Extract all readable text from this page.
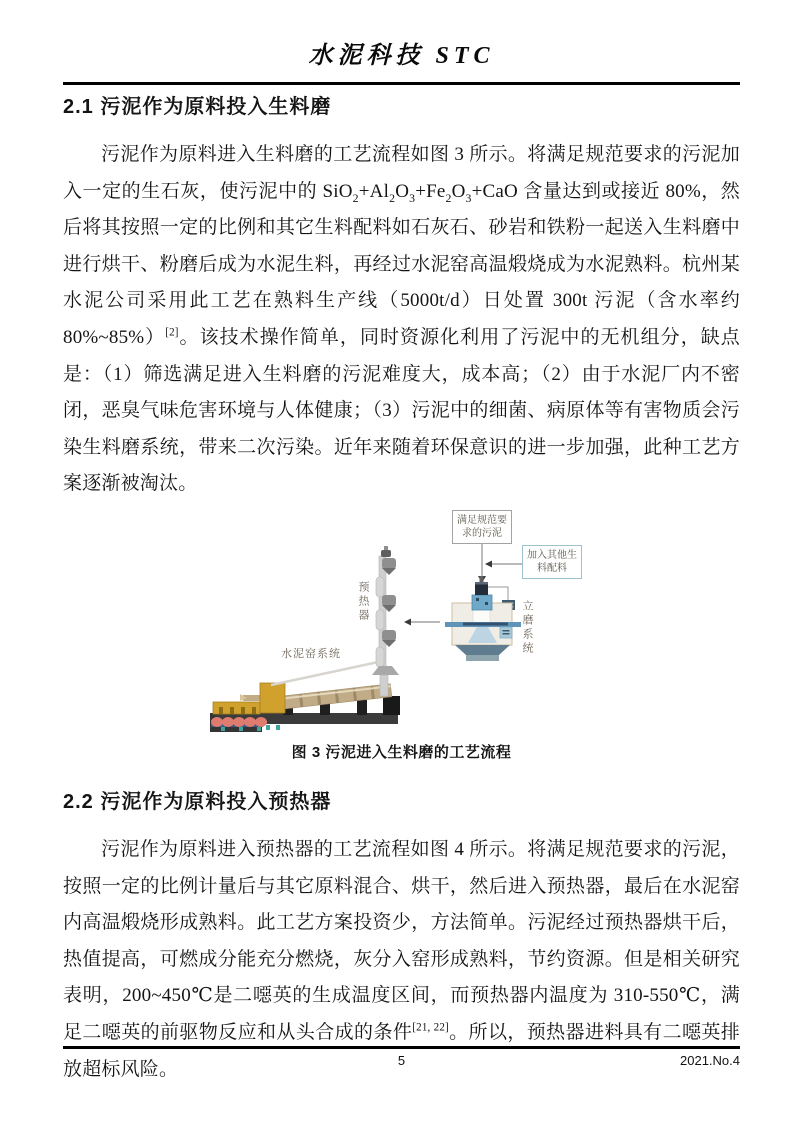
水泥科技 STC
2.1 污泥作为原料投入生料磨

污泥作为原料进入生料磨的工艺流程如图 3 所示。将满足规范要求的污泥加入一定的生石灰，使污泥中的 $SiO_2+Al_2O_3+Fe_2O_3+CaO$ 含量达到或接近 80%，然后将其按照一定的比例和其它生料配料如石灰石、砂岩和铁粉一起送入生料磨中进行烘干、粉磨后成为水泥生料，再经过水泥窑高温煅烧成为水泥熟料。杭州某水泥公司采用此工艺在熟料生产线（5000t/d）日处置 300t 污泥（含水率约 80%~85%）[2]。该技术操作简单，同时资源化利用了污泥中的无机组分，缺点是：（1）筛选满足进入生料磨的污泥难度大，成本高；（2）由于水泥厂内不密闭，恶臭气味危害环境与人体健康；（3）污泥中的细菌、病原体等有害物质会污染生料磨系统，带来二次污染。近年来随着环保意识的进一步加强，此种工艺方案逐渐被淘汰。

满足规范要求的污泥
加入其他生料配料
预热器	立磨系统
水泥窑系统
图 3 污泥进入生料磨的工艺流程
2.2 污泥作为原料投入预热器

污泥作为原料进入预热器的工艺流程如图 4 所示。将满足规范要求的污泥，按照一定的比例计量后与其它原料混合、烘干，然后进入预热器，最后在水泥窑内高温煅烧形成熟料。此工艺方案投资少，方法简单。污泥经过预热器烘干后，热值提高，可燃成分能充分燃烧，灰分入窑形成熟料，节约资源。但是相关研究表明，200~450℃是二噁英的生成温度区间，而预热器内温度为 310-550℃，满足二噁英的前驱物反应和从头合成的条件[21, 22]。所以，预热器进料具有二噁英排放超标风险。	5	2021.No.4
